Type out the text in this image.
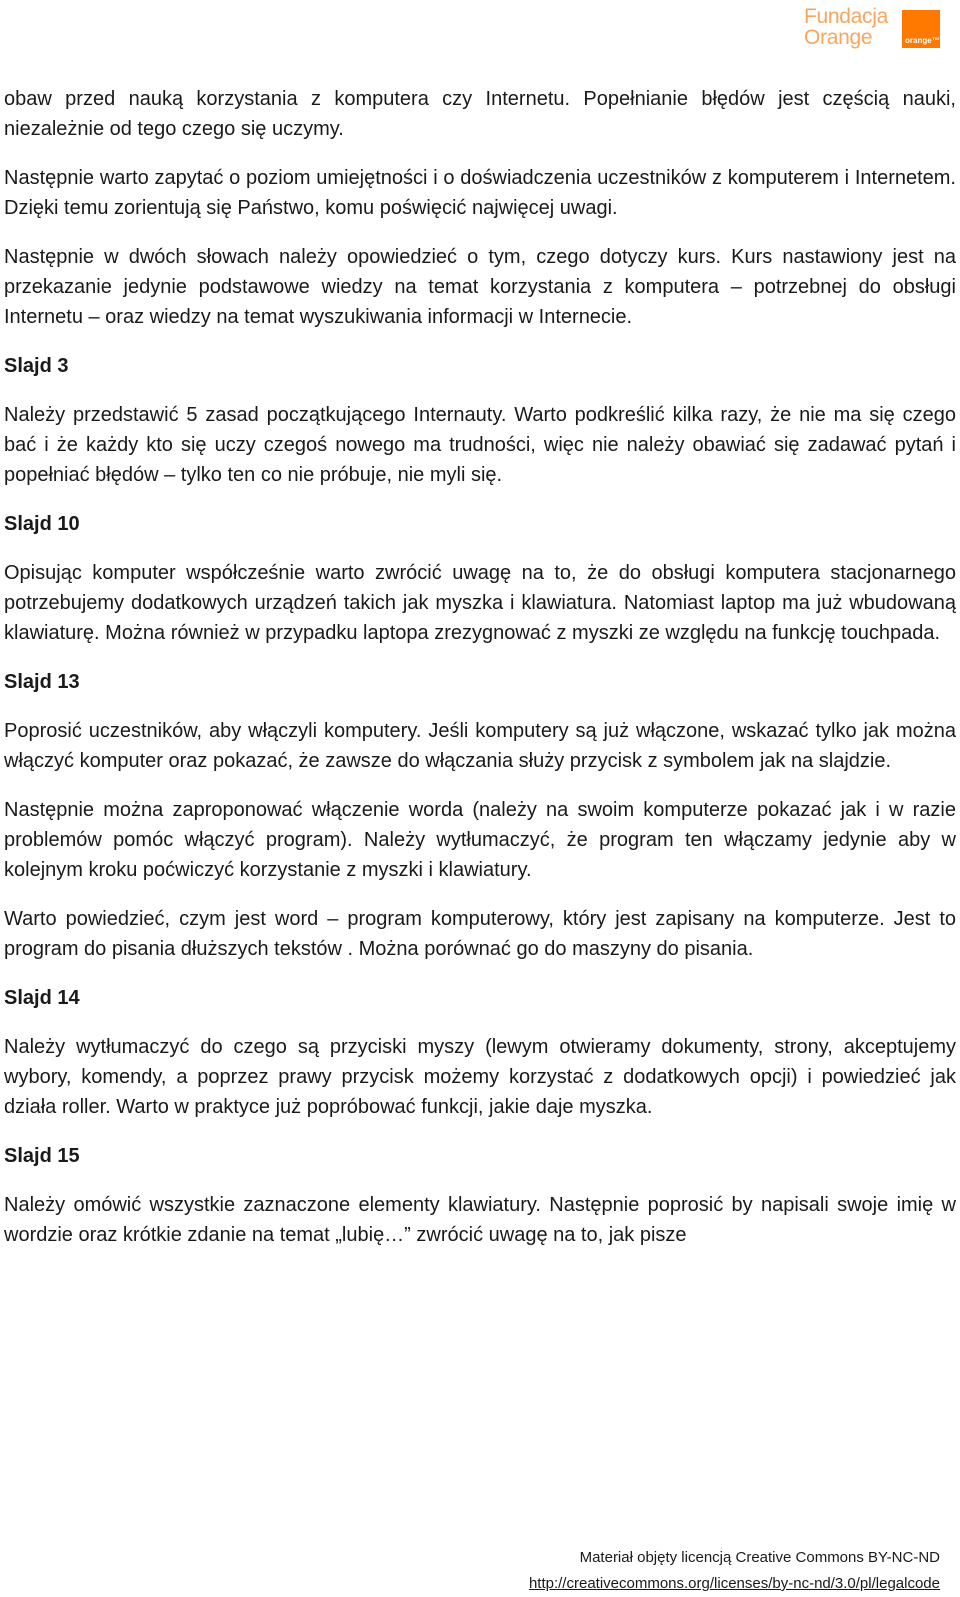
Fundacja
Orange	orange™

obaw przed nauką korzystania z komputera czy Internetu. Popełnianie błędów jest częścią nauki, niezależnie od tego czego się uczymy.

Następnie warto zapytać o poziom umiejętności i o doświadczenia uczestników z komputerem i Internetem. Dzięki temu zorientują się Państwo, komu poświęcić najwięcej uwagi.

Następnie w dwóch słowach należy opowiedzieć o tym, czego dotyczy kurs. Kurs nastawiony jest na przekazanie jedynie podstawowe wiedzy na temat korzystania z komputera – potrzebnej do obsługi Internetu – oraz wiedzy na temat wyszukiwania informacji w Internecie.

Slajd 3

Należy przedstawić 5 zasad początkującego Internauty. Warto podkreślić kilka razy, że nie ma się czego bać i że każdy kto się uczy czegoś nowego ma trudności, więc nie należy obawiać się zadawać pytań i popełniać błędów – tylko ten co nie próbuje, nie myli się.

Slajd 10

Opisując komputer współcześnie warto zwrócić uwagę na to, że do obsługi komputera stacjonarnego potrzebujemy dodatkowych urządzeń takich jak myszka i klawiatura. Natomiast laptop ma już wbudowaną klawiaturę. Można również w przypadku laptopa zrezygnować z myszki ze względu na funkcję touchpada.

Slajd 13

Poprosić uczestników, aby włączyli komputery. Jeśli komputery są już włączone, wskazać tylko jak można włączyć komputer oraz pokazać, że zawsze do włączania służy przycisk z symbolem jak na slajdzie.

Następnie można zaproponować włączenie worda (należy na swoim komputerze pokazać jak i w razie problemów pomóc włączyć program). Należy wytłumaczyć, że program ten włączamy jedynie aby w kolejnym kroku poćwiczyć korzystanie z myszki i klawiatury.

Warto powiedzieć, czym jest word – program komputerowy, który jest zapisany na komputerze. Jest to program do pisania dłuższych tekstów . Można porównać go do maszyny do pisania.

Slajd 14

Należy wytłumaczyć do czego są przyciski myszy (lewym otwieramy dokumenty, strony, akceptujemy wybory, komendy, a poprzez prawy przycisk możemy korzystać z dodatkowych opcji) i powiedzieć jak działa roller. Warto w praktyce już popróbować funkcji, jakie daje myszka.

Slajd 15

Należy omówić wszystkie zaznaczone elementy klawiatury. Następnie poprosić by napisali swoje imię w wordzie oraz krótkie zdanie na temat „lubię…” zwrócić uwagę na to, jak pisze

Materiał objęty licencją Creative Commons BY-NC-ND
http://creativecommons.org/licenses/by-nc-nd/3.0/pl/legalcode
